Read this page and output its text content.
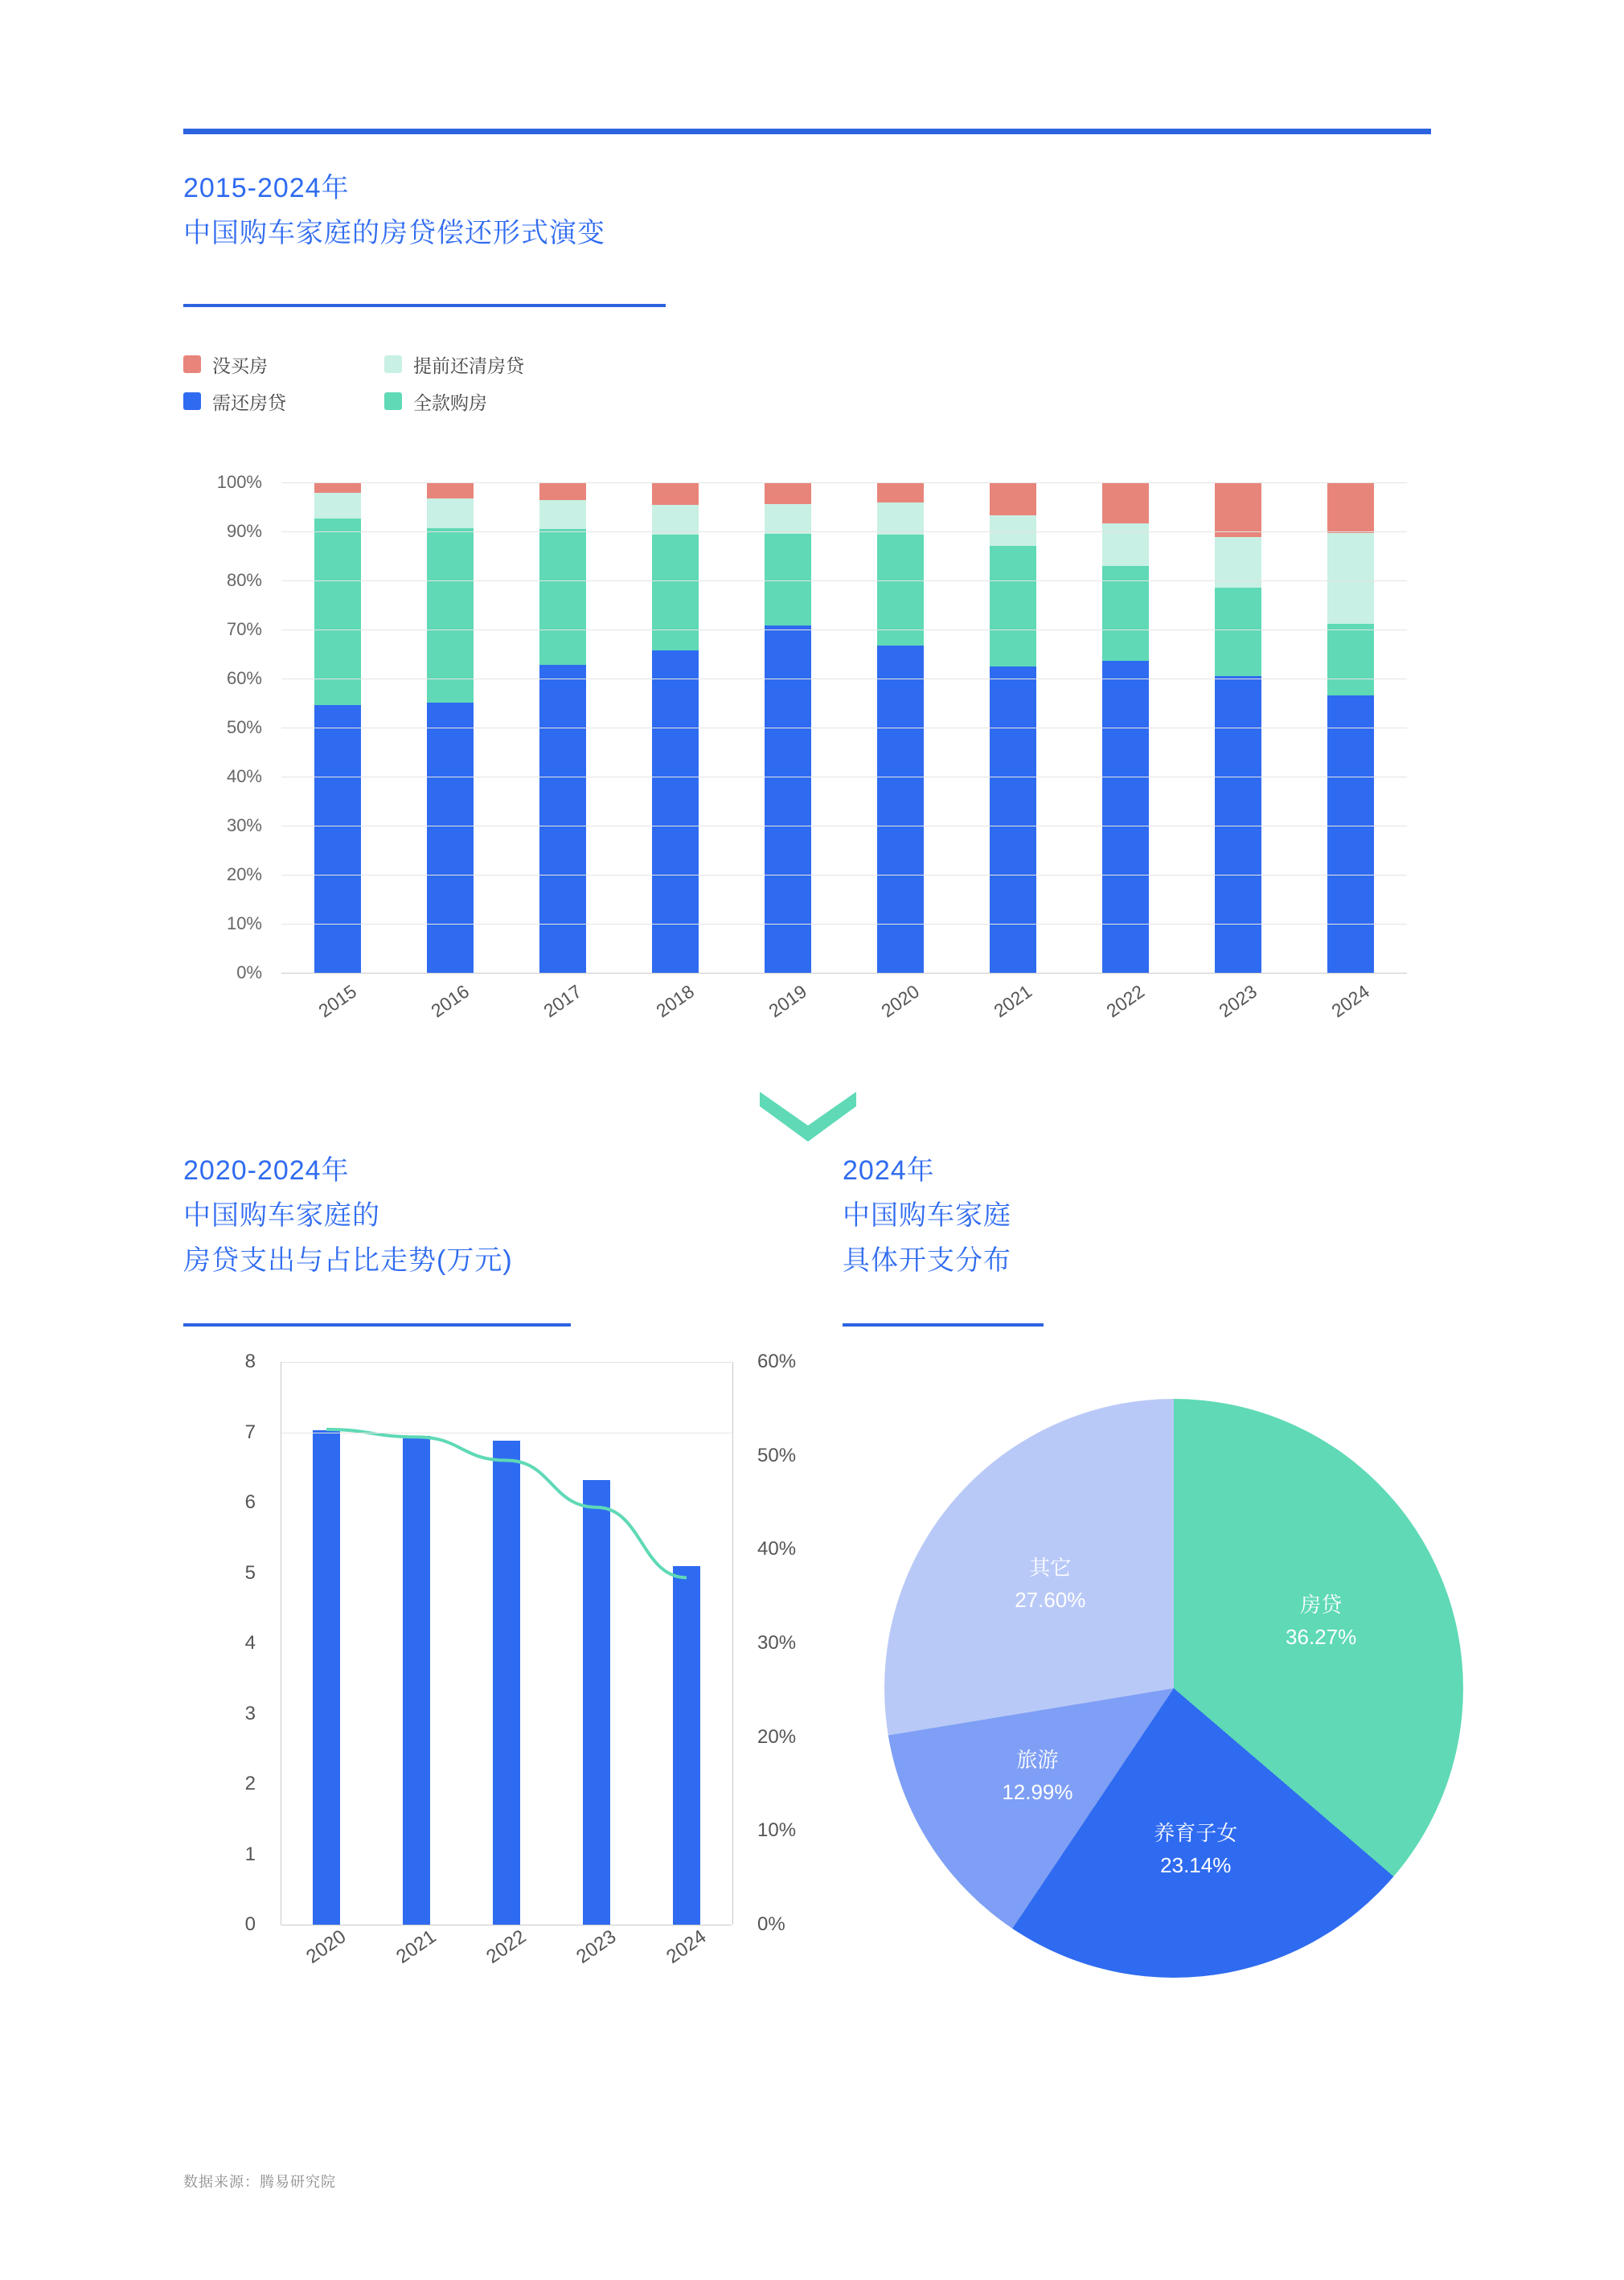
2015-2024年
中国购车家庭的房贷偿还形式演变
没买房	提前还清房贷
需还房贷	全款购房
0%
10%
20%
30%
40%
50%
60%
70%
80%
90%
100%
2015	2016	2017	2018	2019	2020	2021	2022	2023	2024
2020-2024年
中国购车家庭的
房贷支出与占比走势(万元)
2024年
中国购车家庭
具体开支分布
0
1
2
3
4
5
6
7
8
0%
10%
20%
30%
40%
50%
60%
2020 2021 2022 2023 2024
房贷
36.27%
养育子女
23.14%
旅游
12.99%
其它
27.60%
数据来源：腾易研究院
